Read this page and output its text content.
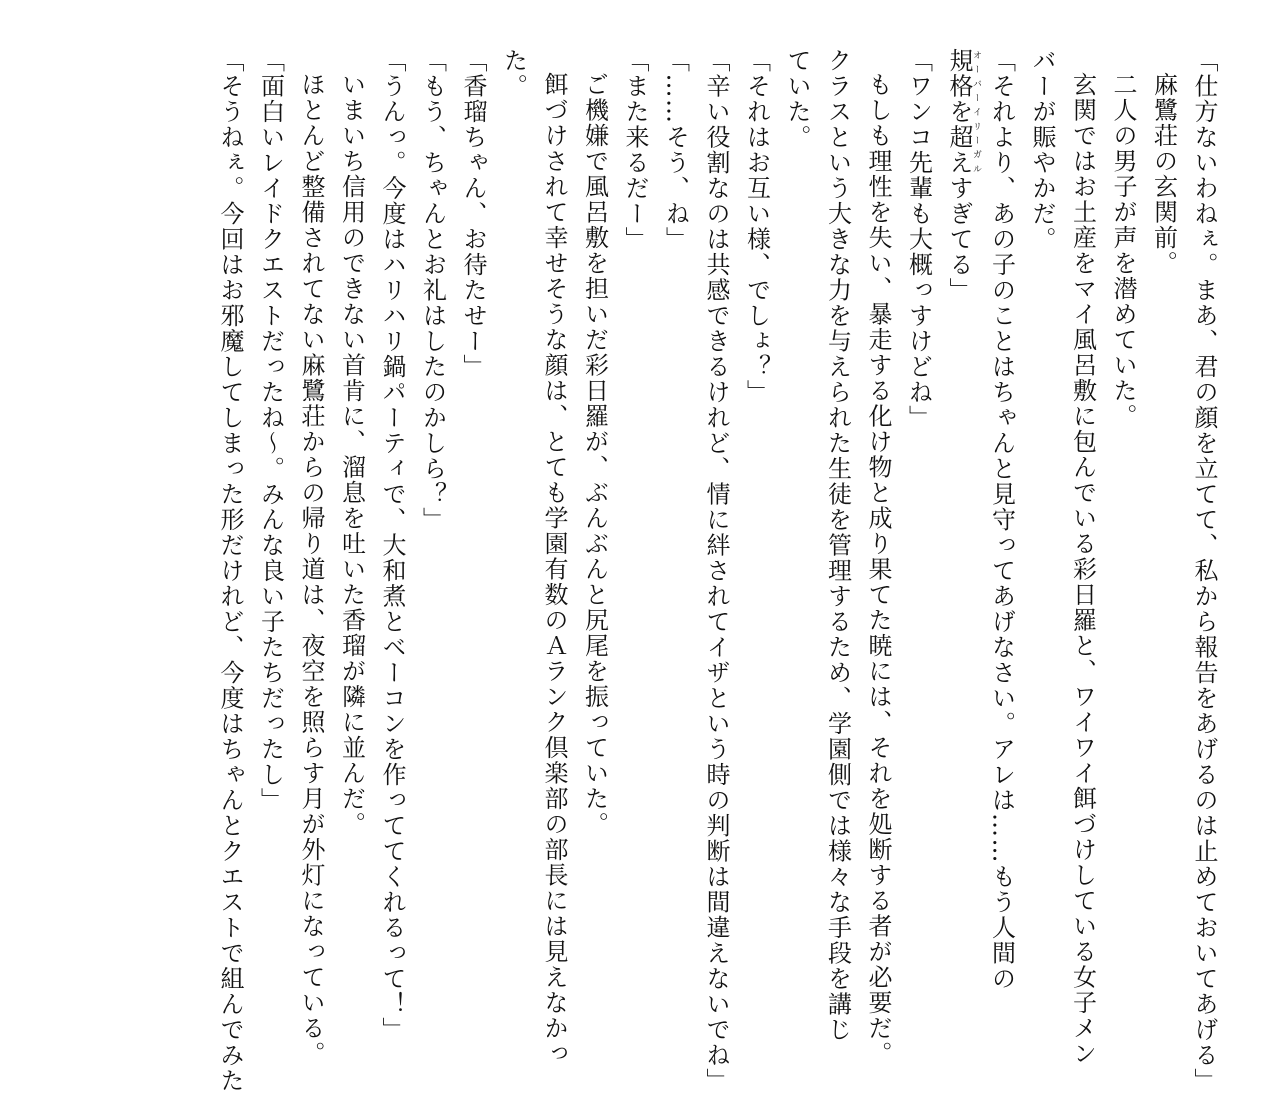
「仕方ないわねぇ。まあ、君の顔を立てて、私から報告をあげるのは止めておいてあげる」
麻鷺荘の玄関前。
二人の男子が声を潜めていた。
玄関ではお土産をマイ風呂敷に包んでいる彩日羅と、ワイワイ餌づけしている女子メン
バーが賑やかだ。
「それより、あの子のことはちゃんと見守ってあげなさい。アレは……もう人間の
規格を超えオーバーイリーガルすぎてる」
「ワンコ先輩も大概っすけどね」
もしも理性を失い、暴走する化け物と成り果てた暁には、それを処断する者が必要だ。
クラスという大きな力を与えられた生徒を管理するため、学園側では様々な手段を講じ
ていた。
「それはお互い様、でしょ？」
「辛い役割なのは共感できるけれど、情に絆されてイザという時の判断は間違えないでね」
「……そう、ね」
「また来るだー」
ご機嫌で風呂敷を担いだ彩日羅が、ぶんぶんと尻尾を振っていた。
餌づけされて幸せそうな顔は、とても学園有数のＡランク倶楽部の部長には見えなかっ
た。
「香瑠ちゃん、お待たせー」
「もう、ちゃんとお礼はしたのかしら？」
「うんっ。今度はハリハリ鍋パーティで、大和煮とベーコンを作っててくれるって！」
いまいち信用のできない首肯に、溜息を吐いた香瑠が隣に並んだ。
ほとんど整備されてない麻鷺荘からの帰り道は、夜空を照らす月が外灯になっている。
「面白いレイドクエストだったね～。みんな良い子たちだったし」
「そうねぇ。今回はお邪魔してしまった形だけれど、今度はちゃんとクエストで組んでみた
